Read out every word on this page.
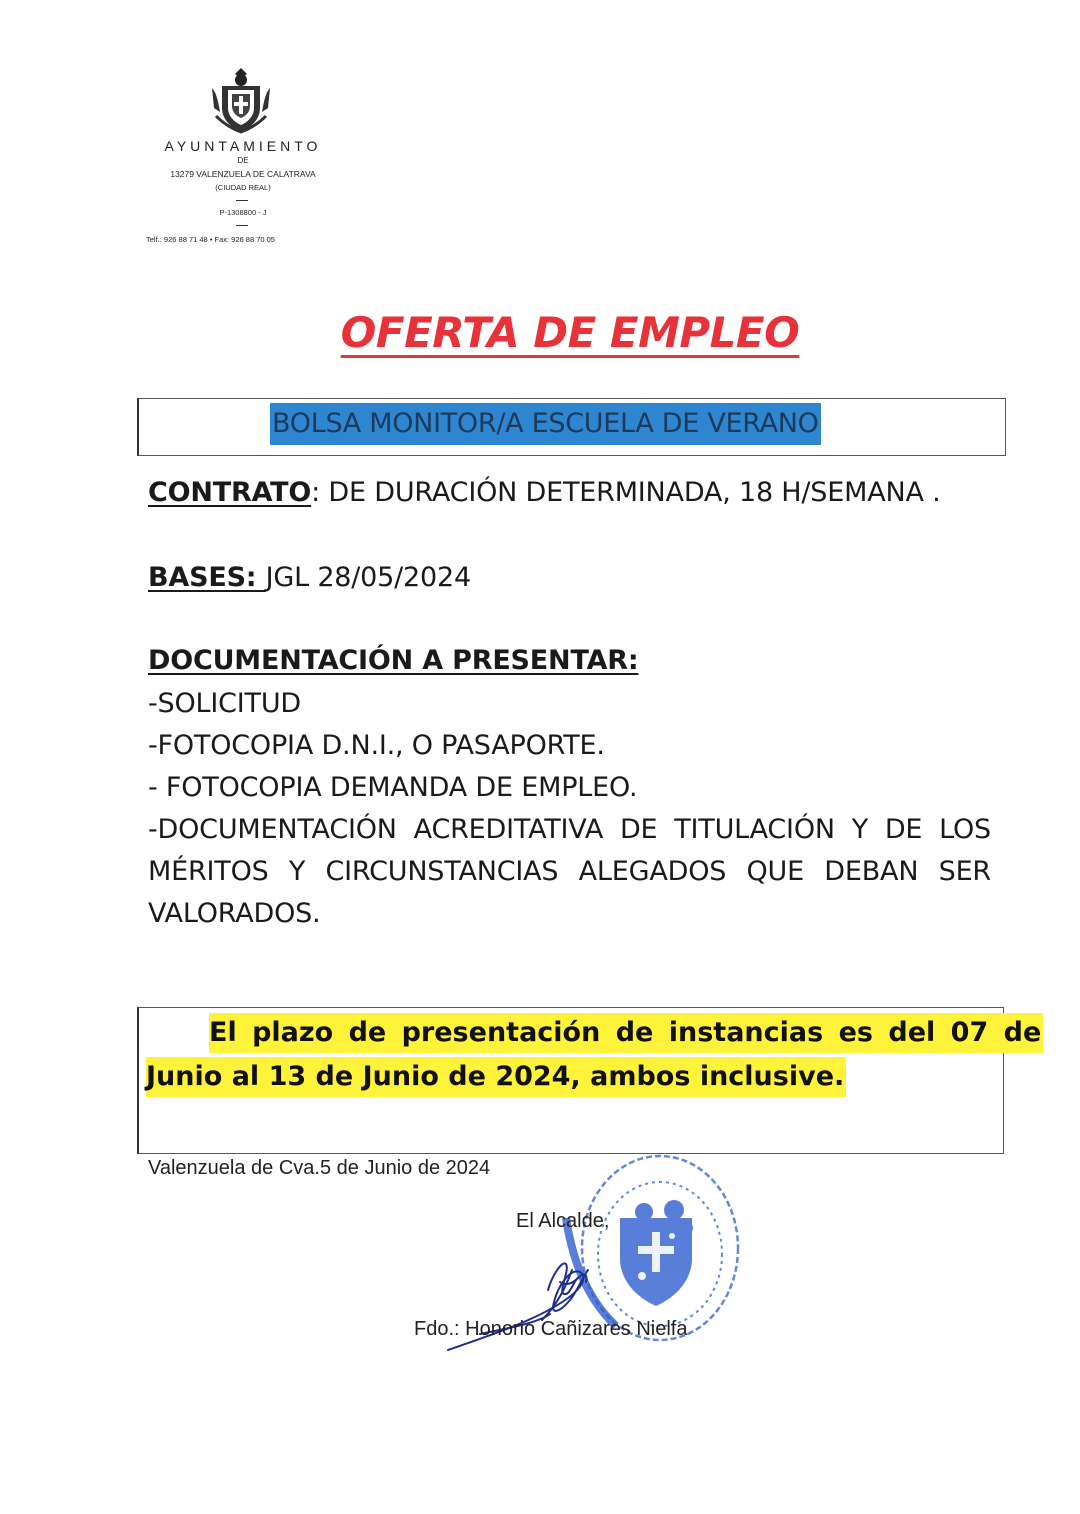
AYUNTAMIENTO
DE
13279 VALENZUELA DE CALATRAVA
(CIUDAD REAL)
P-1308800 - J
Telf.: 926 88 71 48 • Fax: 926 88 70 05
OFERTA DE EMPLEO
BOLSA MONITOR/A ESCUELA DE VERANO
CONTRATO: DE DURACIÓN DETERMINADA, 18 H/SEMANA .
BASES: JGL 28/05/2024
DOCUMENTACIÓN A PRESENTAR:
-SOLICITUD
-FOTOCOPIA D.N.I., O PASAPORTE.
- FOTOCOPIA DEMANDA DE EMPLEO.
-DOCUMENTACIÓN ACREDITATIVA DE TITULACIÓN Y DE LOS
MÉRITOS Y CIRCUNSTANCIAS ALEGADOS QUE DEBAN SER
VALORADOS.
El plazo de presentación de instancias es del 07 de
Junio al 13 de Junio de 2024, ambos inclusive.
Valenzuela de Cva.5 de Junio de 2024
El Alcalde,
Fdo.: Honorio Cañizares Nielfa
